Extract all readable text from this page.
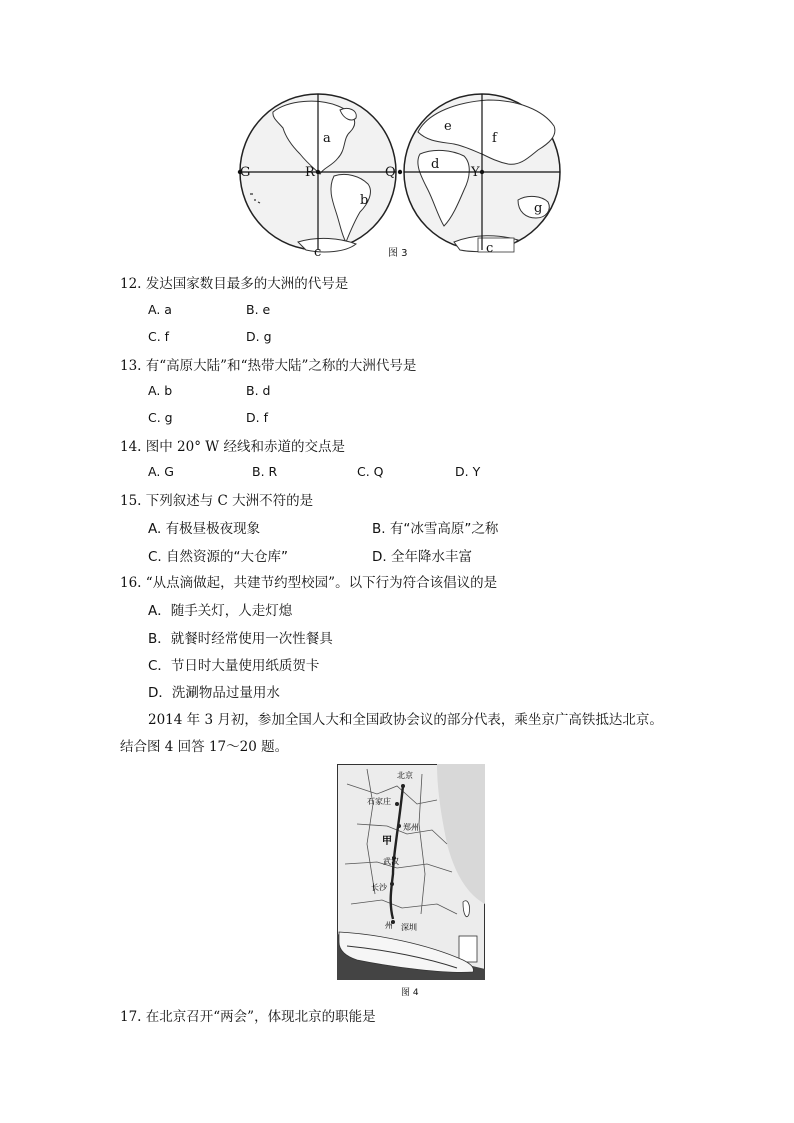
G	R	Q	Y
a
b
c	c
d
e
f
g
图 3
12. 发达国家数目最多的大洲的代号是
A. a	B. e
C. f	D. g
13. 有“高原大陆”和“热带大陆”之称的大洲代号是
A. b	B. d
C. g	D. f
14. 图中 20° W 经线和赤道的交点是
A. G	B. R	C. Q	D. Y
15. 下列叙述与 C 大洲不符的是
A. 有极昼极夜现象	B. 有“冰雪高原”之称
C. 自然资源的“大仓库”	D. 全年降水丰富
16. “从点滴做起，共建节约型校园”。以下行为符合该倡议的是
A．随手关灯，人走灯熄
B．就餐时经常使用一次性餐具
C．节日时大量使用纸质贺卡
D．洗涮物品过量用水
2014 年 3 月初，参加全国人大和全国政协会议的部分代表，乘坐京广高铁抵达北京。
结合图 4 回答 17～20 题。
北京
石家庄
郑州
甲
武汉
长沙
州 深圳
图 4
17. 在北京召开“两会”，体现北京的职能是
